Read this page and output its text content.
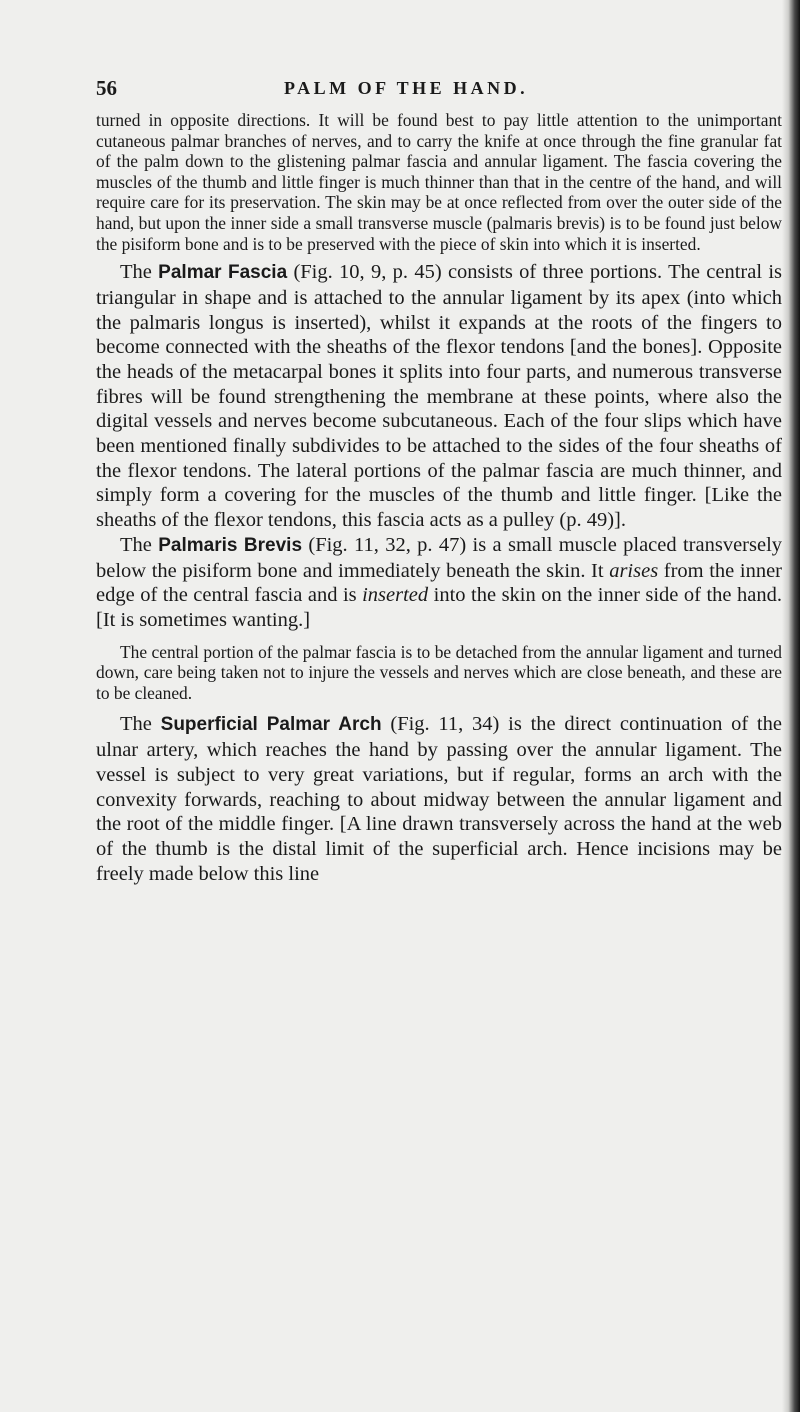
56	PALM OF THE HAND.

turned in opposite directions. It will be found best to pay little attention to the unimportant cutaneous palmar branches of nerves, and to carry the knife at once through the fine granular fat of the palm down to the glistening palmar fascia and annular ligament. The fascia covering the muscles of the thumb and little finger is much thinner than that in the centre of the hand, and will require care for its preservation. The skin may be at once reflected from over the outer side of the hand, but upon the inner side a small transverse muscle (palmaris brevis) is to be found just below the pisiform bone and is to be preserved with the piece of skin into which it is inserted.

The Palmar Fascia (Fig. 10, 9, p. 45) consists of three portions. The central is triangular in shape and is attached to the annular ligament by its apex (into which the palmaris longus is inserted), whilst it expands at the roots of the fingers to become connected with the sheaths of the flexor tendons [and the bones]. Opposite the heads of the metacarpal bones it splits into four parts, and numerous transverse fibres will be found strengthening the membrane at these points, where also the digital vessels and nerves become subcutaneous. Each of the four slips which have been mentioned finally subdivides to be attached to the sides of the four sheaths of the flexor tendons. The lateral portions of the palmar fascia are much thinner, and simply form a covering for the muscles of the thumb and little finger. [Like the sheaths of the flexor tendons, this fascia acts as a pulley (p. 49)].

The Palmaris Brevis (Fig. 11, 32, p. 47) is a small muscle placed transversely below the pisiform bone and immediately beneath the skin. It arises from the inner edge of the central fascia and is inserted into the skin on the inner side of the hand. [It is sometimes wanting.]

The central portion of the palmar fascia is to be detached from the annular ligament and turned down, care being taken not to injure the vessels and nerves which are close beneath, and these are to be cleaned.

The Superficial Palmar Arch (Fig. 11, 34) is the direct continuation of the ulnar artery, which reaches the hand by passing over the annular ligament. The vessel is subject to very great variations, but if regular, forms an arch with the convexity forwards, reaching to about midway between the annular ligament and the root of the middle finger. [A line drawn transversely across the hand at the web of the thumb is the distal limit of the superficial arch. Hence incisions may be freely made below this line
